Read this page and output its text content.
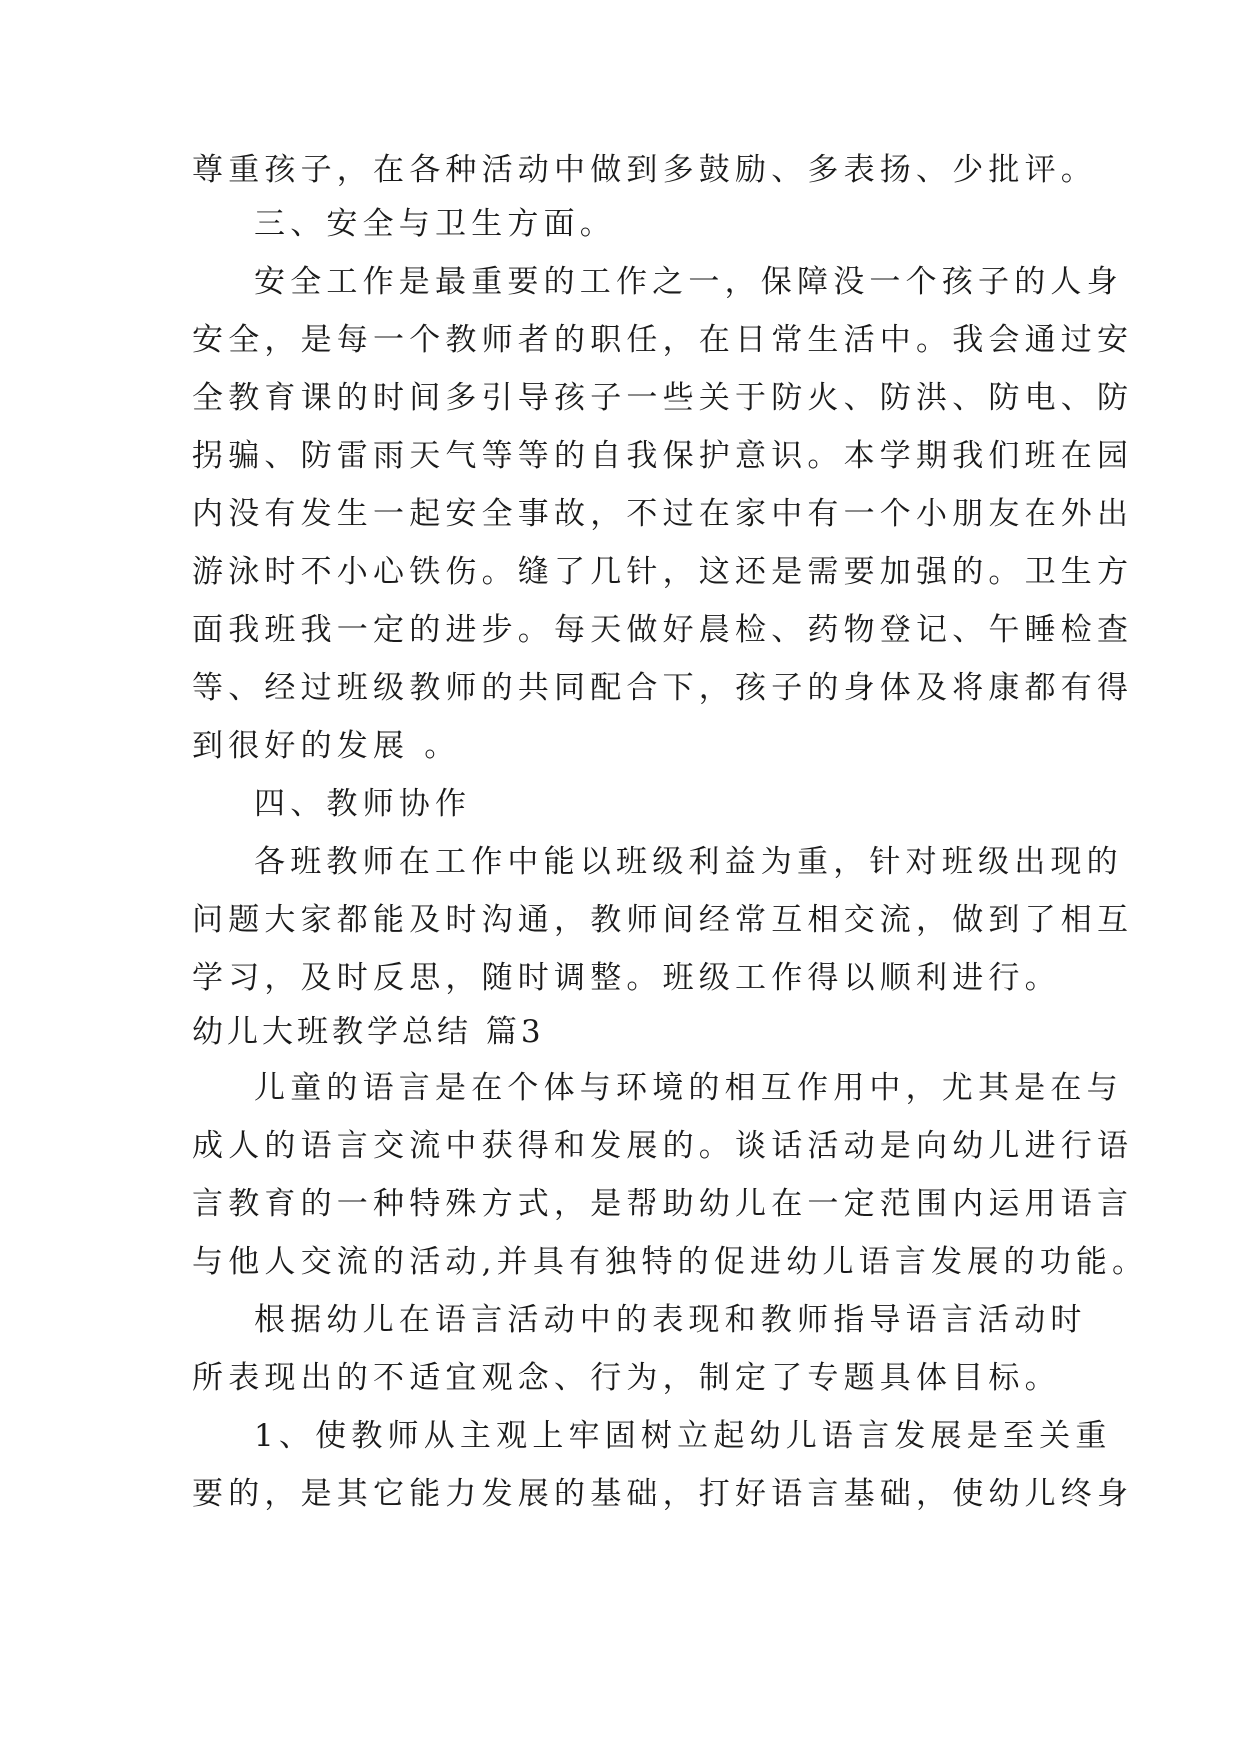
尊重孩子，在各种活动中做到多鼓励、多表扬、少批评。
三、安全与卫生方面。
安全工作是最重要的工作之一，保障没一个孩子的人身
安全，是每一个教师者的职任，在日常生活中。我会通过安
全教育课的时间多引导孩子一些关于防火、防洪、防电、防
拐骗、防雷雨天气等等的自我保护意识。本学期我们班在园
内没有发生一起安全事故，不过在家中有一个小朋友在外出
游泳时不小心铁伤。缝了几针，这还是需要加强的。卫生方
面我班我一定的进步。每天做好晨检、药物登记、午睡检查
等、经过班级教师的共同配合下，孩子的身体及将康都有得
到很好的发展 。
四、教师协作
各班教师在工作中能以班级利益为重，针对班级出现的
问题大家都能及时沟通，教师间经常互相交流，做到了相互
学习，及时反思，随时调整。班级工作得以顺利进行。
幼儿大班教学总结 篇3
儿童的语言是在个体与环境的相互作用中，尤其是在与
成人的语言交流中获得和发展的。谈话活动是向幼儿进行语
言教育的一种特殊方式，是帮助幼儿在一定范围内运用语言
与他人交流的活动,并具有独特的促进幼儿语言发展的功能。
根据幼儿在语言活动中的表现和教师指导语言活动时
所表现出的不适宜观念、行为，制定了专题具体目标。
1、使教师从主观上牢固树立起幼儿语言发展是至关重
要的，是其它能力发展的基础，打好语言基础，使幼儿终身
